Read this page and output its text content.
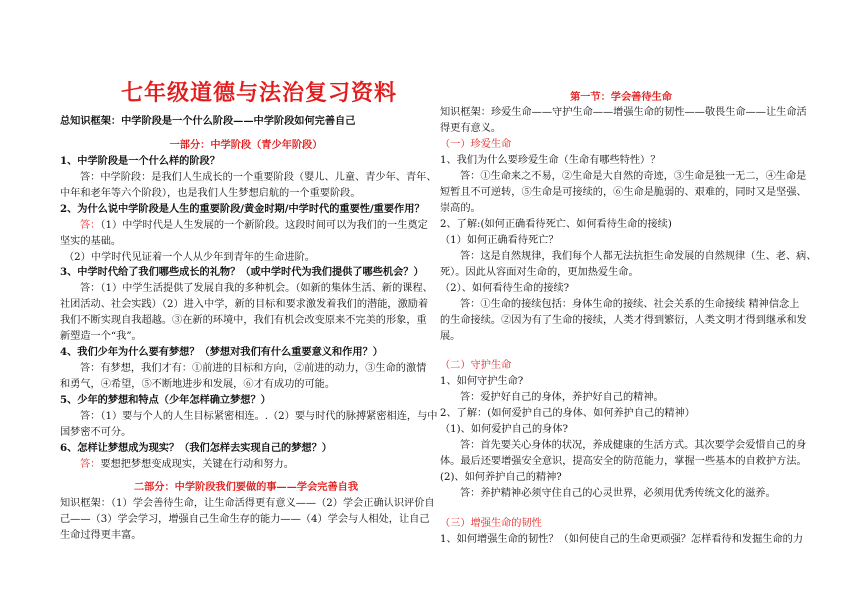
七年级道德与法治复习资料
总知识框架：中学阶段是一个什么阶段——中学阶段如何完善自己
一部分：中学阶段（青少年阶段）
1、中学阶段是一个什么样的阶段？
答：中学阶段：是我们人生成长的一个重要阶段（婴儿、儿童、青少年、青年、
中年和老年等六个阶段），也是我们人生梦想启航的一个重要阶段。
2、为什么说中学阶段是人生的重要阶段/黄金时期/中学时代的重要性/重要作用？
答：（1）中学时代是人生发展的一个新阶段。这段时间可以为我们的一生奠定
坚实的基础。
（2）中学时代见证着一个人从少年到青年的生命进阶。
3、中学时代给了我们哪些成长的礼物？（或中学时代为我们提供了哪些机会？）
答：（1）中学生活提供了发展自我的多种机会。（如新的集体生活、新的课程、
社团活动、社会实践）（2）进入中学，新的目标和要求激发着我们的潜能，激励着
我们不断实现自我超越。③在新的环境中，我们有机会改变原来不完美的形象，重
新塑造一个“我”。
4、我们少年为什么要有梦想？（梦想对我们有什么重要意义和作用？）
答：有梦想，我们才有：①前进的目标和方向，②前进的动力，③生命的激情
和勇气，④希望，⑤不断地进步和发展，⑥才有成功的可能。
5、少年的梦想和特点（少年怎样确立梦想？）
答：（1）要与个人的人生目标紧密相连。.（2）要与时代的脉搏紧密相连，与中
国梦密不可分。
6、怎样让梦想成为现实？（我们怎样去实现自己的梦想？）
答：要想把梦想变成现实，关键在行动和努力。
二部分：中学阶段我们要做的事——学会完善自我
知识框架：（1）学会善待生命，让生命活得更有意义——（2）学会正确认识评价自
己——（3）学会学习，增强自己生命生存的能力——（4）学会与人相处，让自己
生命过得更丰富。
第一节：学会善待生命
知识框架：珍爱生命——守护生命——增强生命的韧性——敬畏生命——让生命活
得更有意义。
（一）珍爱生命
1、我们为什么要珍爱生命（生命有哪些特性）？
答：①生命来之不易，②生命是大自然的奇迹，③生命是独一无二，④生命是
短暂且不可逆转，⑤生命是可接续的，⑥生命是脆弱的、艰难的，同时又是坚强、
崇高的。
2、了解:(如何正确看待死亡、如何看待生命的接续)
（1）如何正确看待死亡？
答：这是自然规律，我们每个人都无法抗拒生命发展的自然规律（生、老、病、
死）。因此从容面对生命的，更加热爱生命。
（2）、如何看待生命的接续?
答：①生命的接续包括：身体生命的接续、社会关系的生命接续 精神信念上
的生命接续。②因为有了生命的接续，人类才得到繁衍，人类文明才得到继承和发
展。
（二）守护生命
1、如何守护生命?
答：爱护好自己的身体，养护好自己的精神。
2、了解：(如何爱护自己的身体、如何养护自己的精神）
（1)、如何爱护自己的身体?
答：首先要关心身体的状况，养成健康的生活方式。其次要学会爱惜自己的身
体。最后还要增强安全意识，提高安全的防范能力，掌握一些基本的自救护方法。
(2)、如何养护自己的精神?
答：养护精神必须守住自己的心灵世界，必须用优秀传统文化的滋养。
（三）增强生命的韧性
1、如何增强生命的韧性？（如何使自己的生命更顽强？怎样看待和发掘生命的力
